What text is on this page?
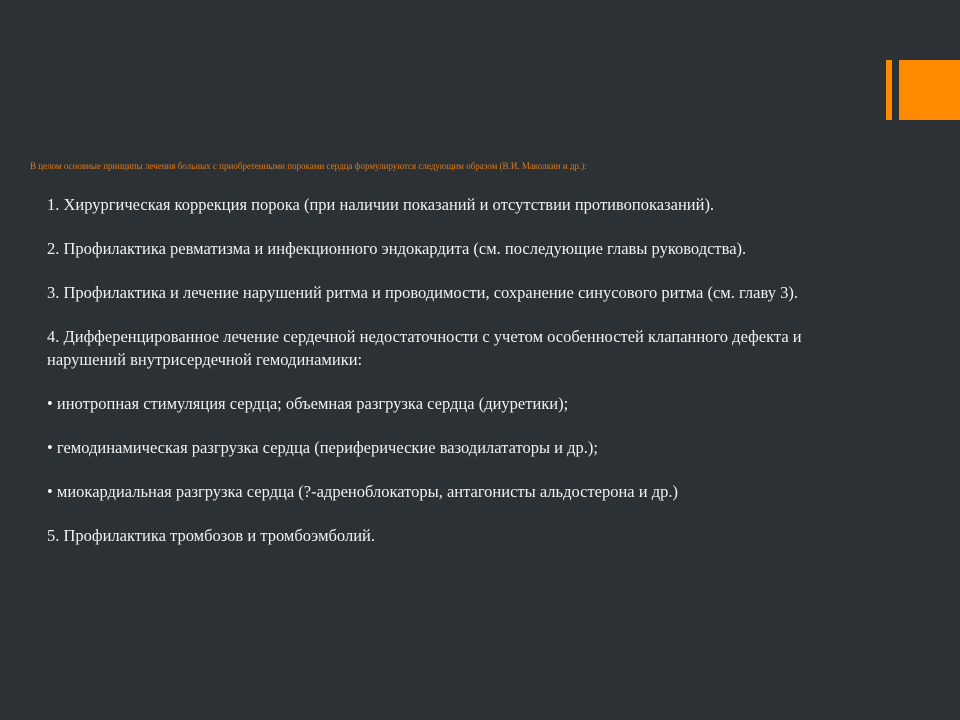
В целом основные принципы лечения больных с приобретенными пороками сердца формулируются следующим образом (В.И. Маколкин и др.):

1. Хирургическая коррекция порока (при наличии показаний и отсутствии противопоказаний).

2. Профилактика ревматизма и инфекционного эндокардита (см. последующие главы руководства).

3. Профилактика и лечение нарушений ритма и проводимости, сохранение синусового ритма (см. главу 3).

4. Дифференцированное лечение сердечной недостаточности с учетом особенностей клапанного дефекта и нарушений внутрисердечной гемодинамики:

• инотропная стимуляция сердца; объемная разгрузка сердца (диуретики);

• гемодинамическая разгрузка сердца (периферические вазодилататоры и др.);

• миокардиальная разгрузка сердца (?-адреноблокаторы, антагонисты альдостерона и др.)

5. Профилактика тромбозов и тромбоэмболий.
